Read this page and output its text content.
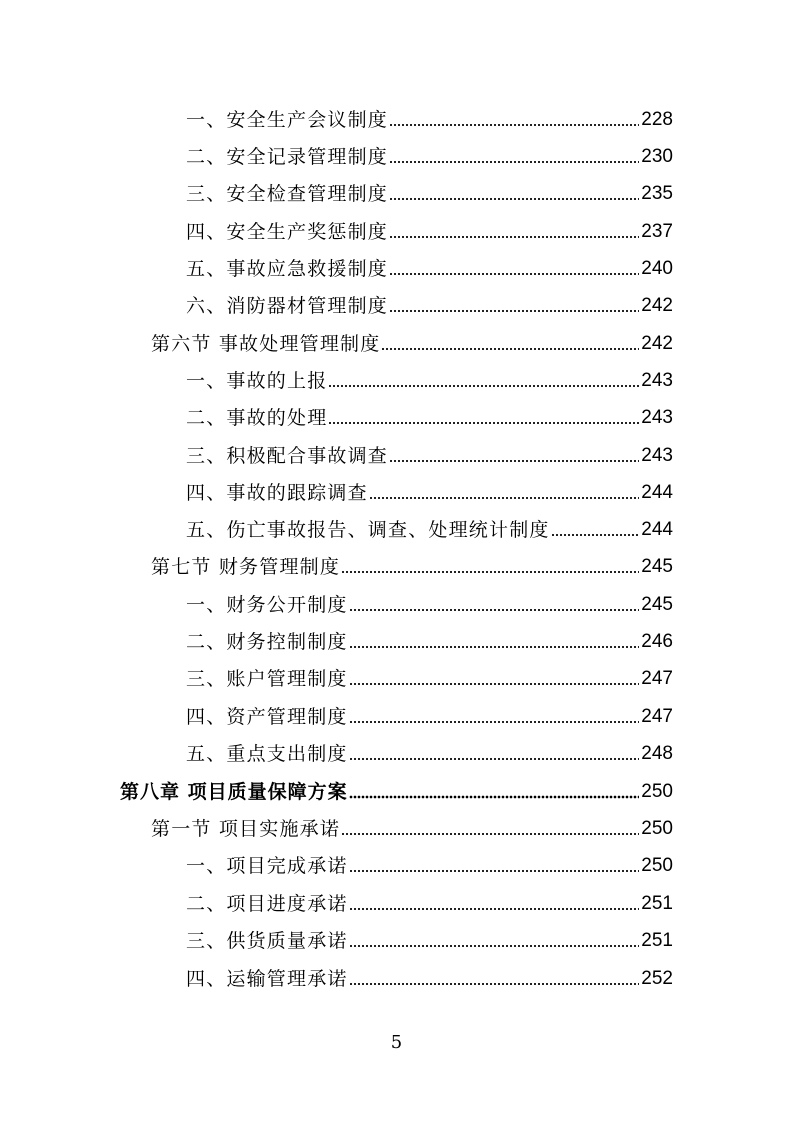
一、安全生产会议制度	228
二、安全记录管理制度	230
三、安全检查管理制度	235
四、安全生产奖惩制度	237
五、事故应急救援制度	240
六、消防器材管理制度	242
第六节 事故处理管理制度	242
一、事故的上报	243
二、事故的处理	243
三、积极配合事故调查	243
四、事故的跟踪调查	244
五、伤亡事故报告、调查、处理统计制度	244
第七节 财务管理制度	245
一、财务公开制度	245
二、财务控制制度	246
三、账户管理制度	247
四、资产管理制度	247
五、重点支出制度	248
第八章 项目质量保障方案	250
第一节 项目实施承诺	250
一、项目完成承诺	250
二、项目进度承诺	251
三、供货质量承诺	251
四、运输管理承诺	252
5
